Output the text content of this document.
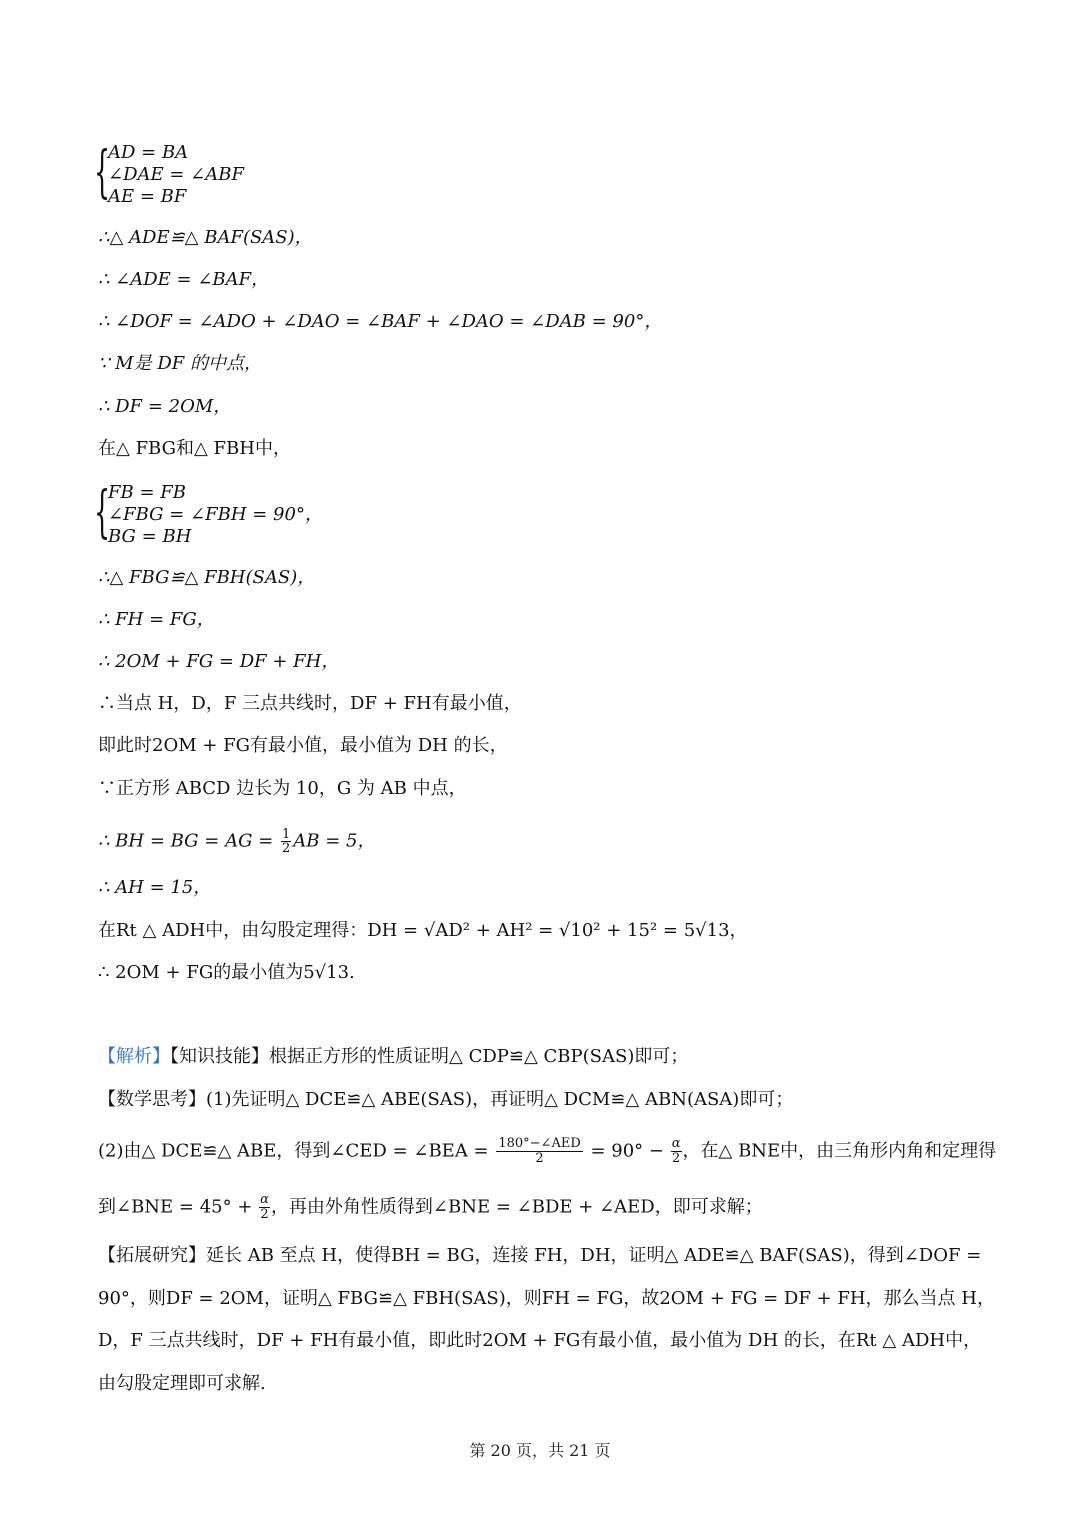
{
AD = BA
∠DAE = ∠ABF
AE = BF
∴△ ADE≌△ BAF(SAS)，
∴ ∠ADE = ∠BAF，
∴ ∠DOF = ∠ADO + ∠DAO = ∠BAF + ∠DAO = ∠DAB = 90°，
∵ M是 DF 的中点，
∴ DF = 2OM，
在△ FBG和△ FBH中，
{
FB = FB
∠FBG = ∠FBH = 90°，
BG = BH
∴△ FBG≌△ FBH(SAS)，
∴ FH = FG，
∴ 2OM + FG = DF + FH，
∴当点 H，D，F 三点共线时，DF + FH有最小值，
即此时2OM + FG有最小值，最小值为 DH 的长，
∵正方形 ABCD 边长为 10，G 为 AB 中点，
∴ BH = BG = AG = $\frac{1}{2}$ AB = 5，
∴ AH = 15，
在Rt △ ADH中，由勾股定理得：DH = √AD² + AH² = √10² + 15² = 5√13，
∴ 2OM + FG的最小值为5√13.
【解析】【知识技能】根据正方形的性质证明△ CDP≌△ CBP(SAS)即可；
【数学思考】(1)先证明△ DCE≌△ ABE(SAS)，再证明△ DCM≌△ ABN(ASA)即可；
(2)由△ DCE≌△ ABE，得到∠CED = ∠BEA = 180°−∠AED
2	= $90^\circ - \frac{\alpha}{2}$ ，在△ BNE中，由三角形内角和定理得
到∠BNE = $45^\circ + \frac{\alpha}{2}$ ，再由外角性质得到∠BNE = ∠BDE + ∠AED，即可求解；
【拓展研究】延长 AB 至点 H，使得BH = BG，连接 FH，DH，证明△ ADE≌△ BAF(SAS)，得到∠DOF =
90°，则DF = 2OM，证明△ FBG≌△ FBH(SAS)，则FH = FG，故2OM + FG = DF + FH，那么当点 H，
D，F 三点共线时，DF + FH有最小值，即此时2OM + FG有最小值，最小值为 DH 的长，在Rt △ ADH中，
由勾股定理即可求解.
第 20 页，共 21 页
